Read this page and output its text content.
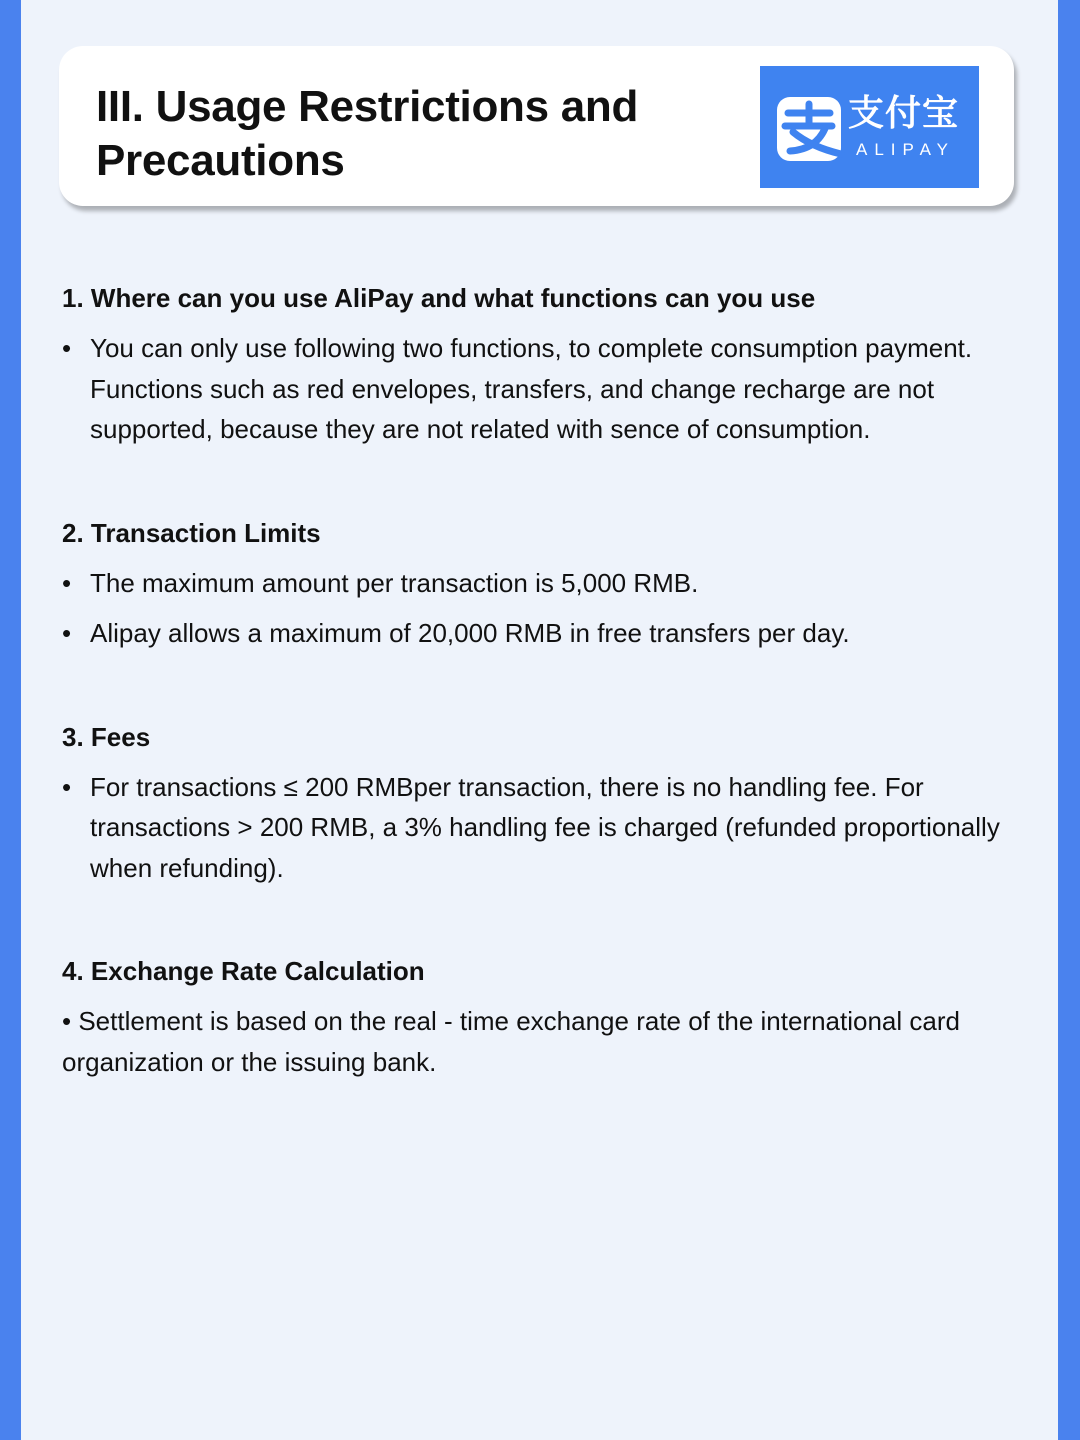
III. Usage Restrictions and Precautions
支付宝
ALIPAY
1. Where can you use AliPay and what functions can you use
• You can only use following two functions, to complete consumption payment. Functions such as red envelopes, transfers, and change recharge are not supported, because they are not related with sence of consumption.
2. Transaction Limits
• The maximum amount per transaction is 5,000 RMB.
• Alipay allows a maximum of 20,000 RMB in free transfers per day.
3. Fees
• For transactions ≤ 200 RMBper transaction, there is no handling fee. For transactions > 200 RMB, a 3% handling fee is charged (refunded proportionally when refunding).
4. Exchange Rate Calculation

• Settlement is based on the real - time exchange rate of the international card organization or the issuing bank.
